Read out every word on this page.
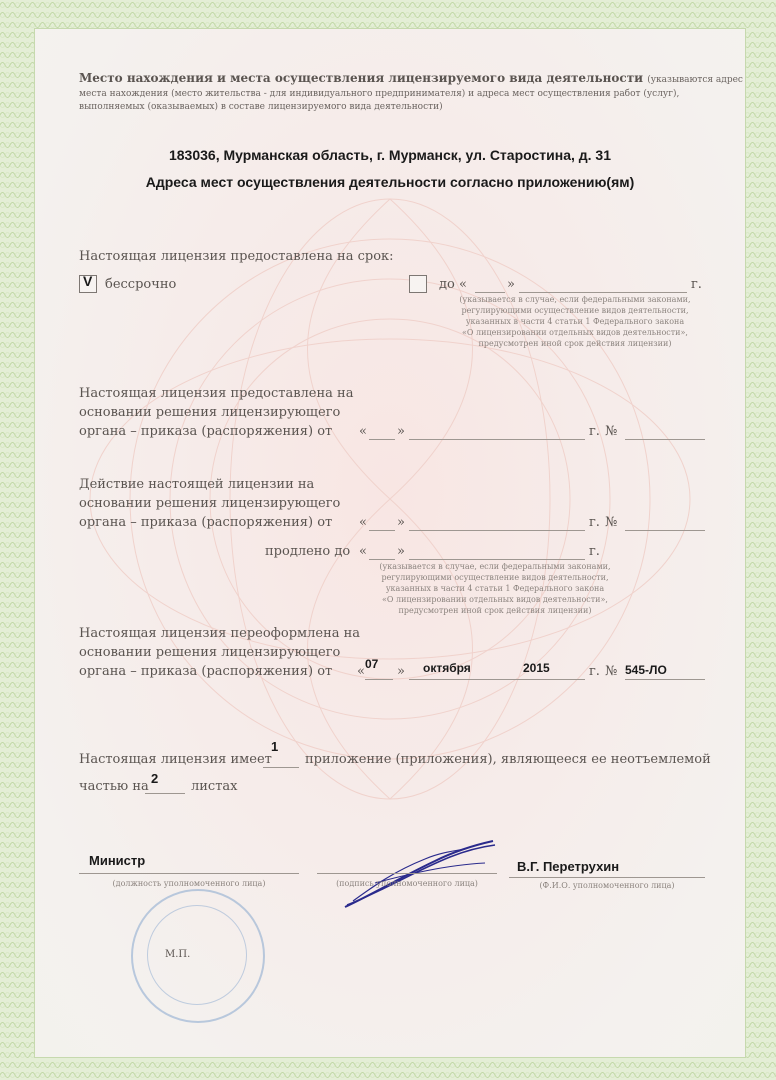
Место нахождения и места осуществления лицензируемого вида деятельности (указываются адрес
места нахождения (место жительства - для индивидуального предпринимателя) и адреса мест осуществления работ (услуг),
выполняемых (оказываемых) в составе лицензируемого вида деятельности)
183036, Мурманская область, г. Мурманск, ул. Старостина, д. 31
Адреса мест осуществления деятельности согласно приложению(ям)
Настоящая лицензия предоставлена на срок:
V бессрочно	до «	»	г.
(указывается в случае, если федеральными законами,
регулирующими осуществление видов деятельности,
указанных в части 4 статьи 1 Федерального закона
«О лицензировании отдельных видов деятельности»,
предусмотрен иной срок действия лицензии)
Настоящая лицензия предоставлена на
основании решения лицензирующего
органа – приказа (распоряжения) от « »	г. №
Действие настоящей лицензии на
основании решения лицензирующего
органа – приказа (распоряжения) от « »	г. №
продлено до « »	г.
(указывается в случае, если федеральными законами,
регулирующими осуществление видов деятельности,
указанных в части 4 статьи 1 Федерального закона
«О лицензировании отдельных видов деятельности»,
предусмотрен иной срок действия лицензии)
Настоящая лицензия переоформлена на
основании решения лицензирующего
органа – приказа (распоряжения) от « 07 » октября	2015	г. № 545-ЛО
Настоящая лицензия имеет
1
приложение (приложения), являющееся ее неотъемлемой
частью на
2
листах
Министр
(должность уполномоченного лица)	(подпись уполномоченного лица)
В.Г. Перетрухин
(Ф.И.О. уполномоченного лица)
М.П.
